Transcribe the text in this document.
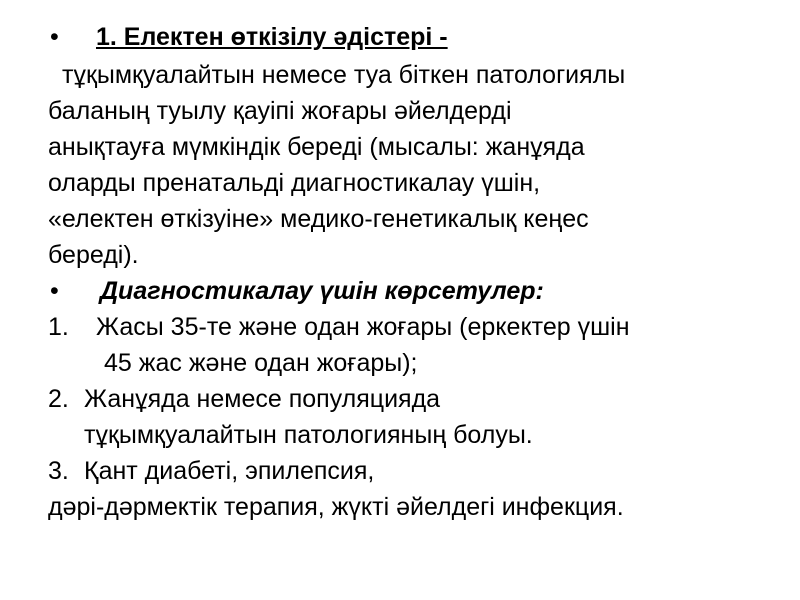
• 1. Електен өткізілу әдістері -
тұқымқуалайтын немесе туа біткен патологиялы
баланың туылу қауіпі жоғары әйелдерді
анықтауға мүмкіндік береді (мысалы: жанұяда
оларды пренатальді диагностикалау үшін,
«електен өткізуіне» медико-генетикалық кеңес
береді).
• Диагностикалау үшін көрсетулер:
1. Жасы 35-те және одан жоғары (еркектер үшін
45 жас және одан жоғары);
2. Жанұяда немесе популяцияда
тұқымқуалайтын патологияның болуы.
3. Қант диабеті, эпилепсия,
дәрі-дәрмектік терапия, жүкті әйелдегі инфекция.
